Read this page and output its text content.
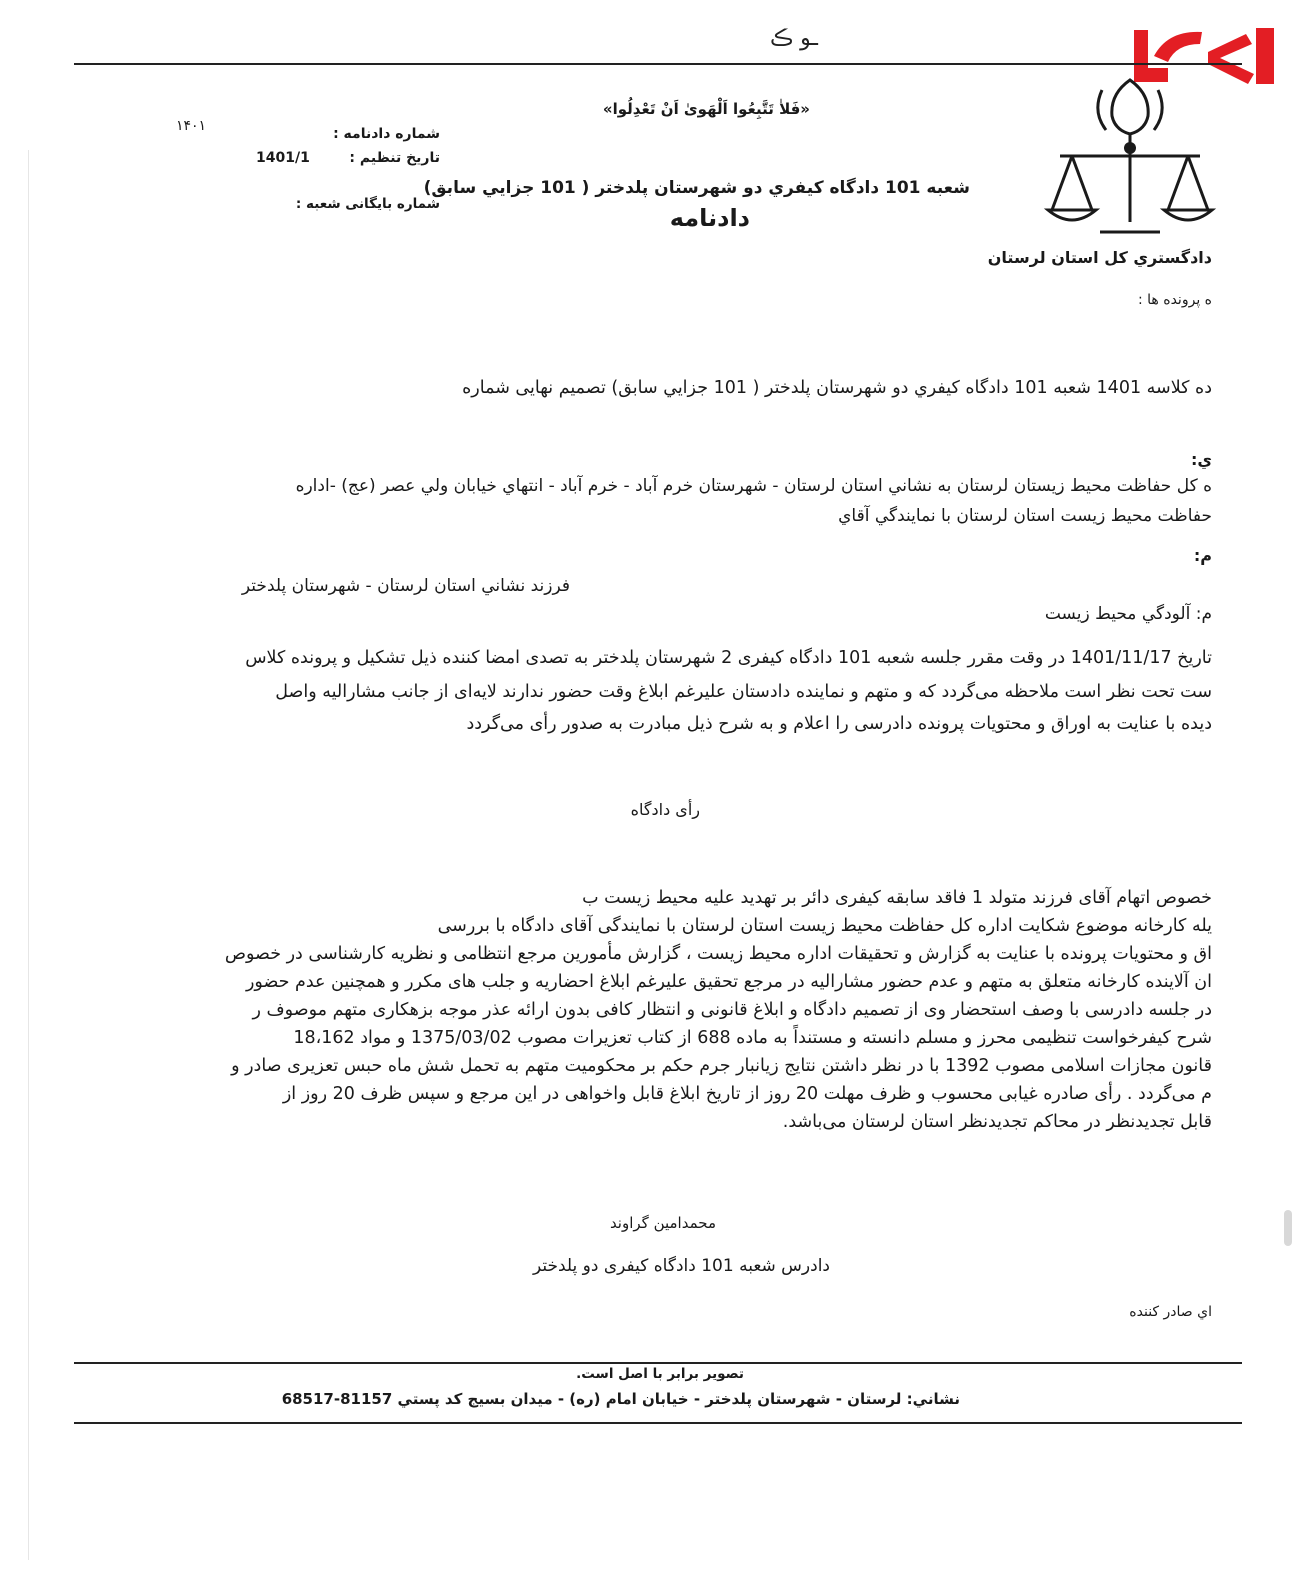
ـو ڪ
«فَلاٰ تَتَّبِعُوا اَلْهَوىٰ اَنْ تَعْدِلُوا»
شماره دادنامه :
۱۴۰۱
تاریخ تنظیم :
1401/1
شعبه 101 دادگاه کیفري دو شهرستان پلدختر ( 101 جزایي سابق)
شماره بایگانی شعبه :	دادنامه
دادگستري کل استان لرستان
ه پرونده ها :
ده کلاسه 1401 شعبه 101 دادگاه کیفري دو شهرستان پلدختر ( 101 جزایي سابق) تصمیم نهایی شماره
ي:
ه کل حفاظت محیط زیستان لرستان به نشاني استان لرستان - شهرستان خرم آباد - خرم آباد - انتهاي خیابان ولي عصر (عج) -اداره
حفاظت محیط زیست استان لرستان با نمایندگي آقاي
م:
فرزند نشاني استان لرستان - شهرستان پلدختر
م: آلودگي محیط زیست
تاریخ 1401/11/17 در وقت مقرر جلسه شعبه 101 دادگاه کیفری 2 شهرستان پلدختر به تصدی امضا کننده ذیل تشکیل و پرونده کلاس
ست تحت نظر است ملاحظه می‌گردد که و متهم و نماینده دادستان علیرغم ابلاغ وقت حضور ندارند لایه‌ای از جانب مشارالیه واصل
دیده با عنایت به اوراق و محتویات پرونده دادرسی را اعلام و به شرح ذیل مبادرت به صدور رأی می‌گردد
رأی دادگاه
خصوص اتهام آقای فرزند متولد 1 فاقد سابقه کیفری دائر بر تهدید علیه محیط زیست ب
یله کارخانه موضوع شکایت اداره کل حفاظت محیط زیست استان لرستان با نمایندگی آقای دادگاه با بررسی
اق و محتویات پرونده با عنایت به گزارش و تحقیقات اداره محیط زیست ، گزارش مأمورین مرجع انتظامی و نظریه کارشناسی در خصوص
ان آلاینده کارخانه متعلق به متهم و عدم حضور مشارالیه در مرجع تحقیق علیرغم ابلاغ احضاریه و جلب های مکرر و همچنین عدم حضور
در جلسه دادرسی با وصف استحضار وی از تصمیم دادگاه و ابلاغ قانونی و انتظار کافی بدون ارائه عذر موجه بزهکاری متهم موصوف ر
شرح کیفرخواست تنظیمی محرز و مسلم دانسته و مستنداً به ماده 688 از کتاب تعزیرات مصوب 1375/03/02 و مواد 18،162
قانون مجازات اسلامی مصوب 1392 با در نظر داشتن نتایج زیانبار جرم حکم بر محکومیت متهم به تحمل شش ماه حبس تعزیری صادر و
م می‌گردد . رأی صادره غیابی محسوب و ظرف مهلت 20 روز از تاریخ ابلاغ قابل واخواهی در این مرجع و سپس ظرف 20 روز از
قابل تجدیدنظر در محاکم تجدیدنظر استان لرستان می‌باشد.
محمدامین گراوند
دادرس شعبه 101 دادگاه کیفری دو پلدختر
اي صادر کننده
تصویر برابر با اصل است.
نشاني: لرستان - شهرستان پلدختر - خیابان امام (ره) - میدان بسیج کد پستي 81157-68517
